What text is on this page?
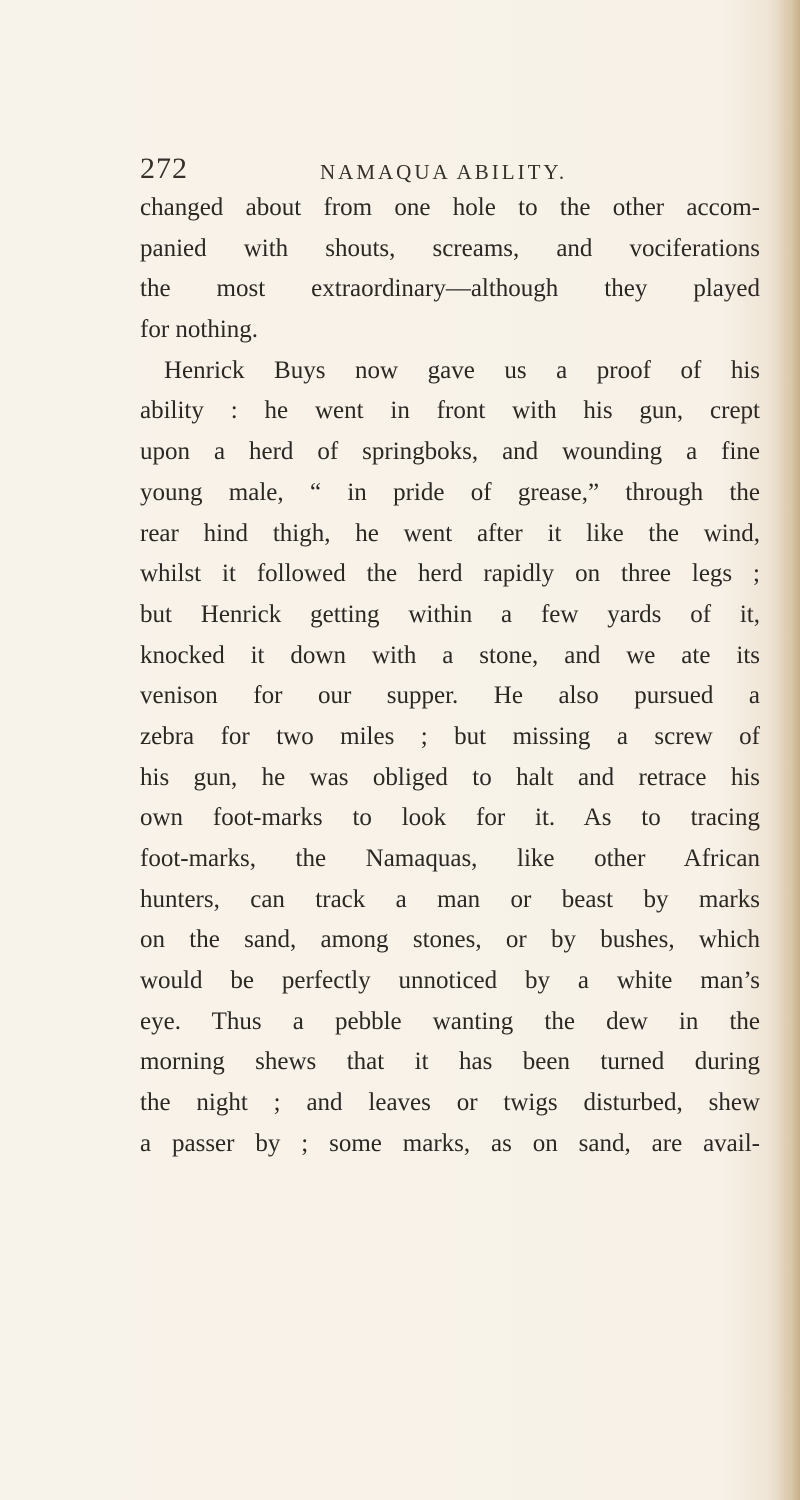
272	NAMAQUA ABILITY.
changed about from one hole to the other accom-
panied with shouts, screams, and vociferations
the most extraordinary—although they played
for nothing.
Henrick Buys now gave us a proof of his
ability : he went in front with his gun, crept
upon a herd of springboks, and wounding a fine
young male, “ in pride of grease,” through the
rear hind thigh, he went after it like the wind,
whilst it followed the herd rapidly on three legs ;
but Henrick getting within a few yards of it,
knocked it down with a stone, and we ate its
venison for our supper. He also pursued a
zebra for two miles ; but missing a screw of
his gun, he was obliged to halt and retrace his
own foot-marks to look for it. As to tracing
foot-marks, the Namaquas, like other African
hunters, can track a man or beast by marks
on the sand, among stones, or by bushes, which
would be perfectly unnoticed by a white man’s
eye. Thus a pebble wanting the dew in the
morning shews that it has been turned during
the night ; and leaves or twigs disturbed, shew
a passer by ; some marks, as on sand, are avail-
